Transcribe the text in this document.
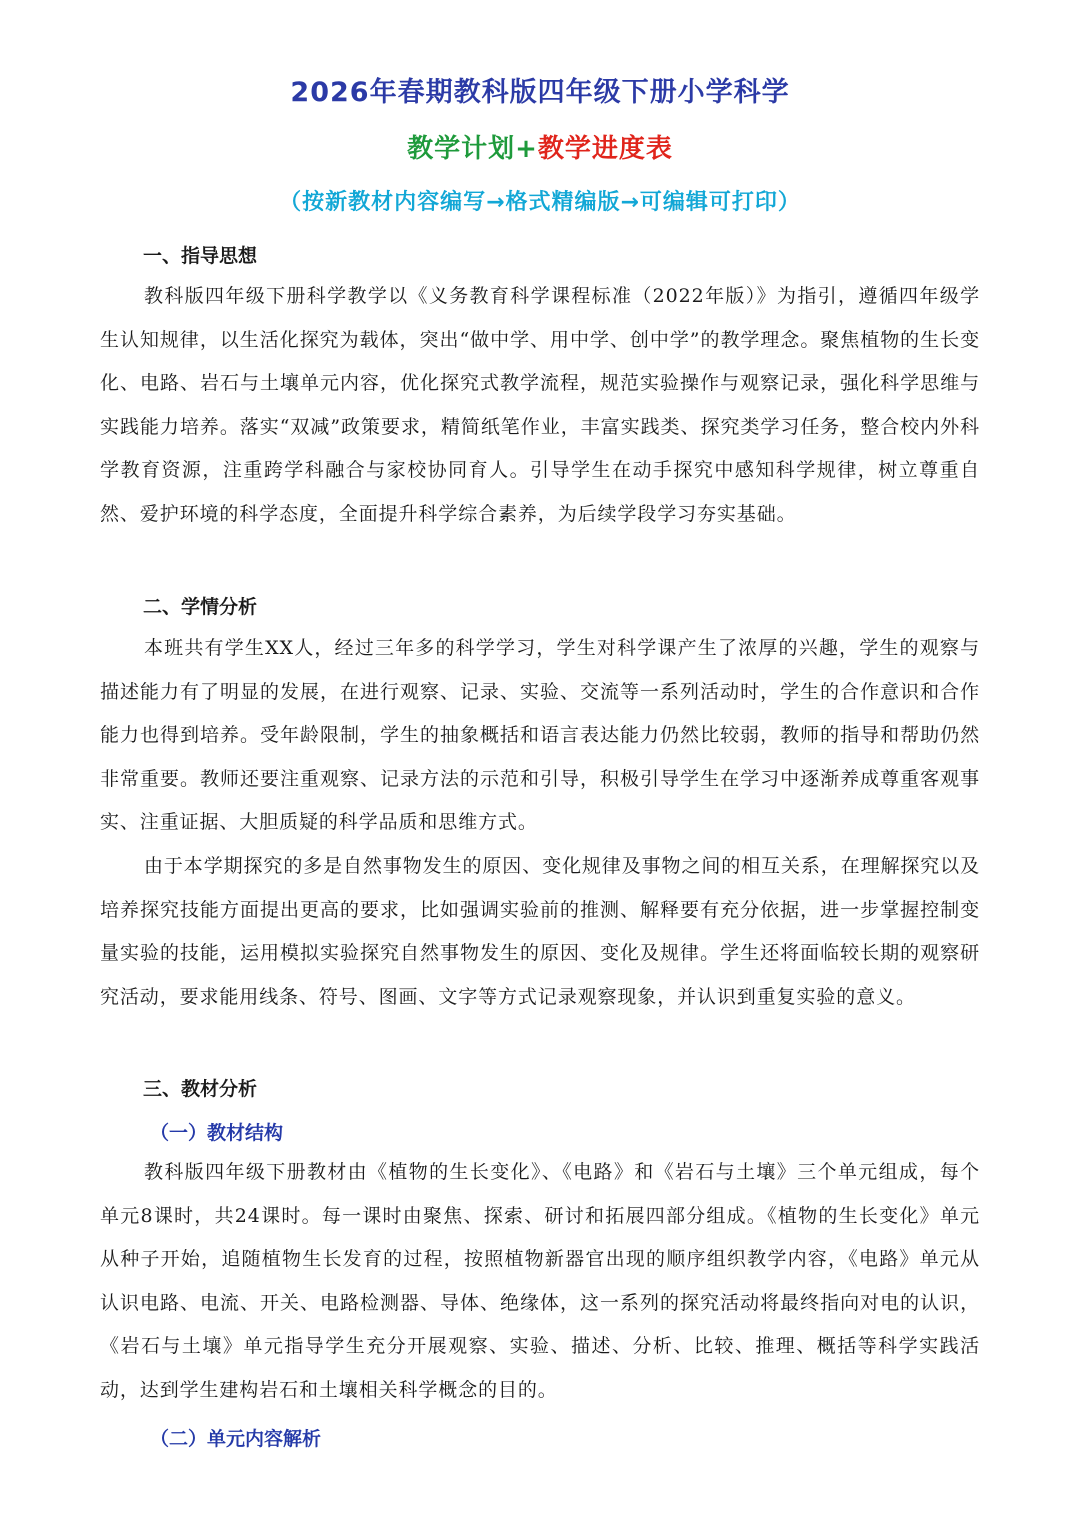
2026年春期教科版四年级下册小学科学
教学计划+教学进度表
（按新教材内容编写→格式精编版→可编辑可打印）
一、指导思想

教科版四年级下册科学教学以《义务教育科学课程标准（2022年版）》为指引，遵循四年级学生认知规律，以生活化探究为载体，突出“做中学、用中学、创中学”的教学理念。聚焦植物的生长变化、电路、岩石与土壤单元内容，优化探究式教学流程，规范实验操作与观察记录，强化科学思维与实践能力培养。落实“双减”政策要求，精简纸笔作业，丰富实践类、探究类学习任务，整合校内外科学教育资源，注重跨学科融合与家校协同育人。引导学生在动手探究中感知科学规律，树立尊重自然、爱护环境的科学态度，全面提升科学综合素养，为后续学段学习夯实基础。

二、学情分析

本班共有学生XX人，经过三年多的科学学习，学生对科学课产生了浓厚的兴趣，学生的观察与描述能力有了明显的发展，在进行观察、记录、实验、交流等一系列活动时，学生的合作意识和合作能力也得到培养。受年龄限制，学生的抽象概括和语言表达能力仍然比较弱，教师的指导和帮助仍然非常重要。教师还要注重观察、记录方法的示范和引导，积极引导学生在学习中逐渐养成尊重客观事实、注重证据、大胆质疑的科学品质和思维方式。

由于本学期探究的多是自然事物发生的原因、变化规律及事物之间的相互关系，在理解探究以及培养探究技能方面提出更高的要求，比如强调实验前的推测、解释要有充分依据，进一步掌握控制变量实验的技能，运用模拟实验探究自然事物发生的原因、变化及规律。学生还将面临较长期的观察研究活动，要求能用线条、符号、图画、文字等方式记录观察现象，并认识到重复实验的意义。

三、教材分析
（一）教材结构

教科版四年级下册教材由《植物的生长变化》、《电路》和《岩石与土壤》三个单元组成，每个单元8课时，共24课时。每一课时由聚焦、探索、研讨和拓展四部分组成。《植物的生长变化》单元从种子开始，追随植物生长发育的过程，按照植物新器官出现的顺序组织教学内容，《电路》单元从认识电路、电流、开关、电路检测器、导体、绝缘体，这一系列的探究活动将最终指向对电的认识，《岩石与土壤》单元指导学生充分开展观察、实验、描述、分析、比较、推理、概括等科学实践活动，达到学生建构岩石和土壤相关科学概念的目的。

（二）单元内容解析
